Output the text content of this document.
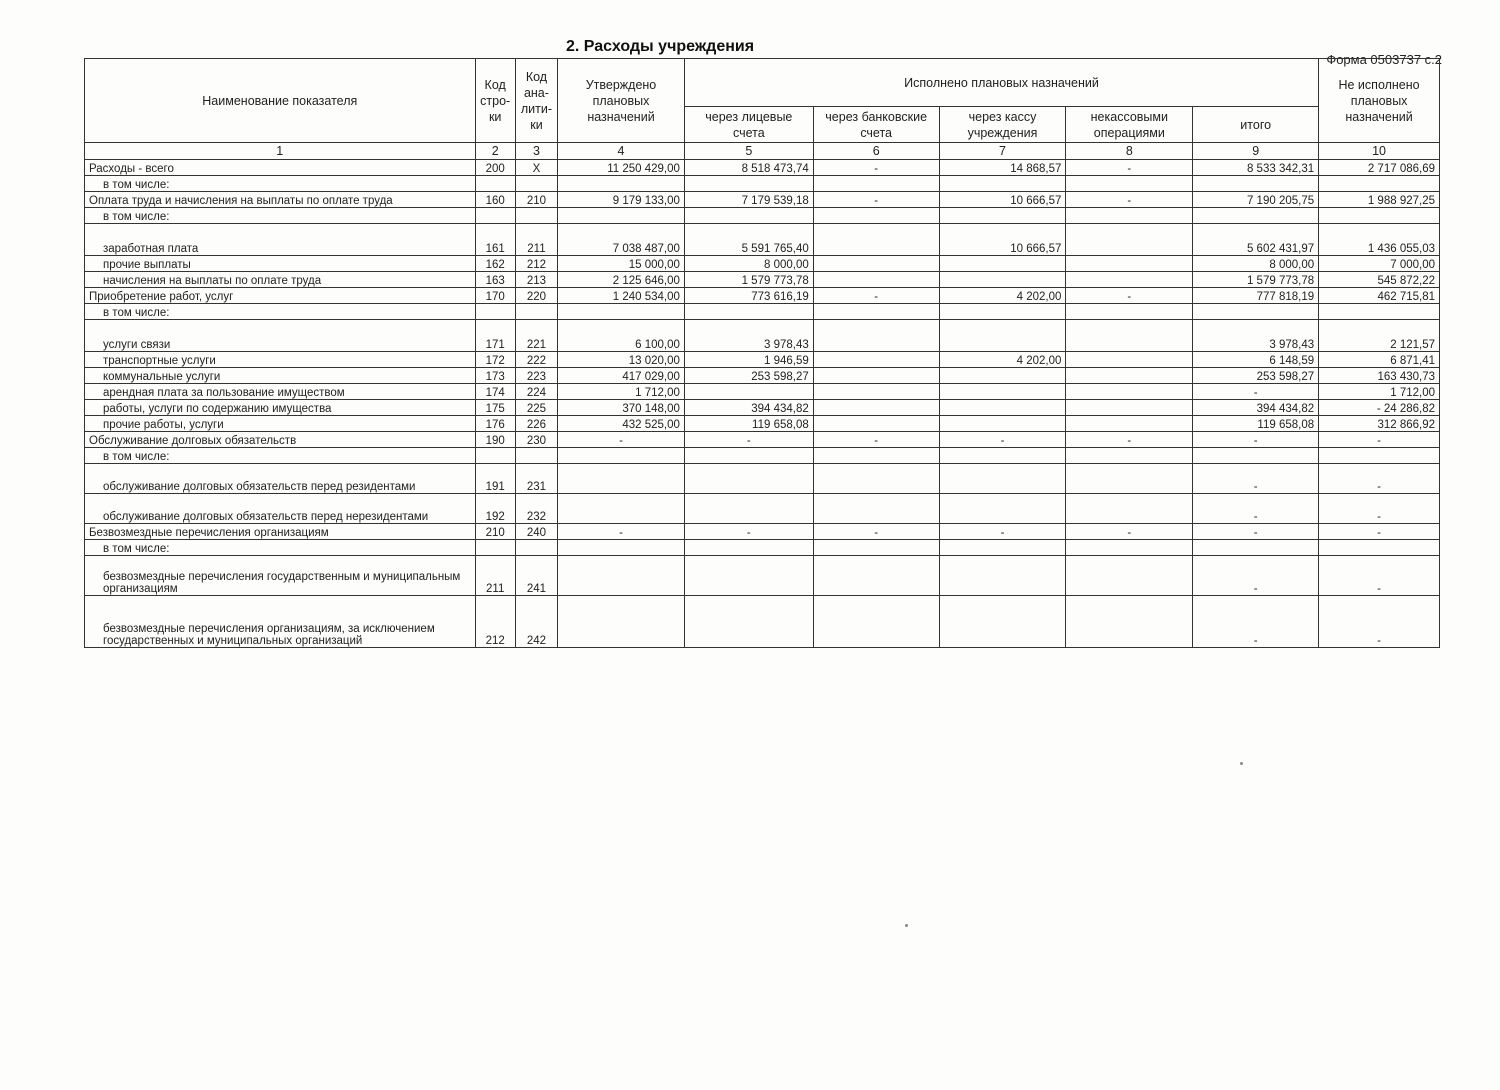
2. Расходы учреждения
Форма 0503737 с.2
Наименование показателя	Код стро-ки	Код ана-лити-ки	Утверждено плановых назначений	Исполнено плановых назначений					Не исполнено плановых назначений
				через лицевые счета	через банковские счета	через кассу учреждения	некассовыми операциями	итого	
1	2	3	4	5	6	7	8	9	10
Расходы - всего	200	X	11 250 429,00	8 518 473,74	-	14 868,57	-	8 533 342,31	2 717 086,69
в том числе:									
Оплата труда и начисления на выплаты по оплате труда	160	210	9 179 133,00	7 179 539,18	-	10 666,57	-	7 190 205,75	1 988 927,25
в том числе:									
заработная плата	161	211	7 038 487,00	5 591 765,40		10 666,57		5 602 431,97	1 436 055,03
прочие выплаты	162	212	15 000,00	8 000,00				8 000,00	7 000,00
начисления на выплаты по оплате труда	163	213	2 125 646,00	1 579 773,78				1 579 773,78	545 872,22
Приобретение работ, услуг	170	220	1 240 534,00	773 616,19	-	4 202,00	-	777 818,19	462 715,81
в том числе:									
услуги связи	171	221	6 100,00	3 978,43				3 978,43	2 121,57
транспортные услуги	172	222	13 020,00	1 946,59		4 202,00		6 148,59	6 871,41
коммунальные услуги	173	223	417 029,00	253 598,27				253 598,27	163 430,73
арендная плата за пользование имуществом	174	224	1 712,00					-	1 712,00
работы, услуги по содержанию имущества	175	225	370 148,00	394 434,82				394 434,82	- 24 286,82
прочие работы, услуги	176	226	432 525,00	119 658,08				119 658,08	312 866,92
Обслуживание долговых обязательств	190	230	-	-	-	-	-	-	-
в том числе:									
обслуживание долговых обязательств перед резидентами	191	231						-	-
обслуживание долговых обязательств перед нерезидентами	192	232						-	-
Безвозмездные перечисления организациям	210	240	-	-	-	-	-	-	-
в том числе:									
безвозмездные перечисления государственным и муниципальным организациям	211	241						-	-
безвозмездные перечисления организациям, за исключением государственных и муниципальных организаций	212	242						-	-
